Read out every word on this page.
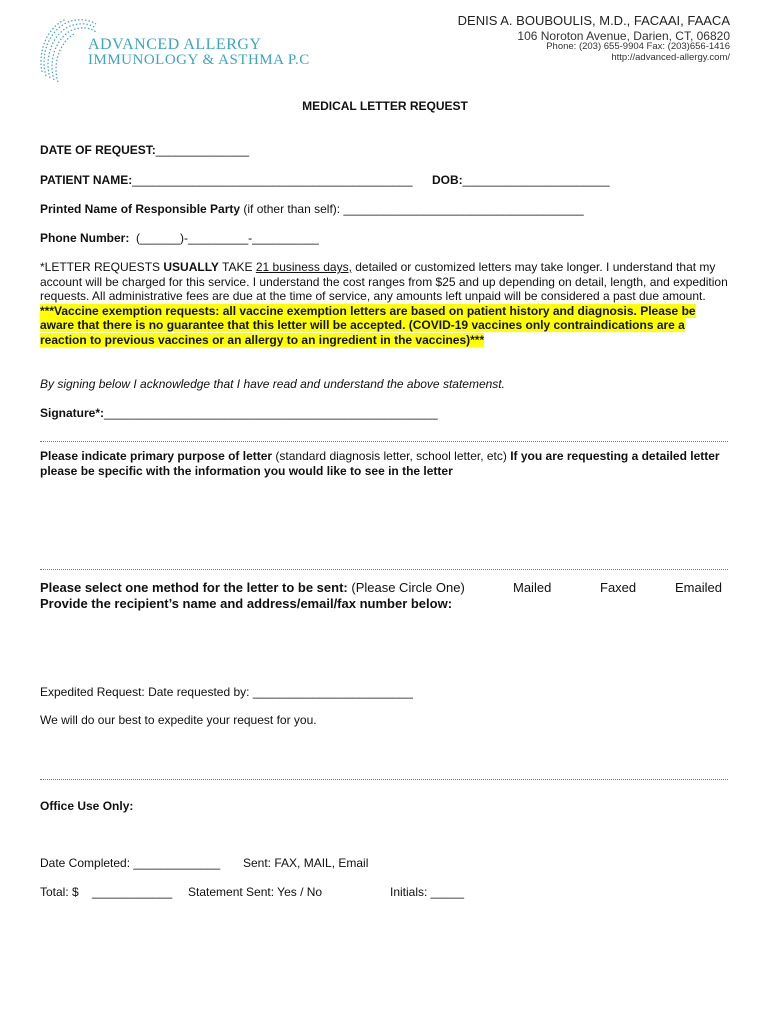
ADVANCED ALLERGY
IMMUNOLOGY & ASTHMA P.C
DENIS A. BOUBOULIS, M.D., FACAAI, FAACA
106 Noroton Avenue, Darien, CT, 06820
Phone: (203) 655-9904 Fax: (203)656-1416
http://advanced-allergy.com/
MEDICAL LETTER REQUEST
DATE OF REQUEST:______________
PATIENT NAME:__________________________________________ DOB:______________________
Printed Name of Responsible Party (if other than self): ____________________________________
Phone Number: (______)-_________-__________
*LETTER REQUESTS USUALLY TAKE 21 business days, detailed or customized letters may take longer. I understand that my account will be charged for this service. I understand the cost ranges from $25 and up depending on detail, length, and expedition requests. All administrative fees are due at the time of service, any amounts left unpaid will be considered a past due amount. ***Vaccine exemption requests: all vaccine exemption letters are based on patient history and diagnosis. Please be aware that there is no guarantee that this letter will be accepted. (COVID-19 vaccines only contraindications are a reaction to previous vaccines or an allergy to an ingredient in the vaccines)***
By signing below I acknowledge that I have read and understand the above statemenst.
Signature*:__________________________________________________
Please indicate primary purpose of letter (standard diagnosis letter, school letter, etc) If you are requesting a detailed letter please be specific with the information you would like to see in the letter
Please select one method for the letter to be sent: (Please Circle One)	Mailed	Faxed	Emailed
Provide the recipient’s name and address/email/fax number below:
Expedited Request: Date requested by: ________________________
We will do our best to expedite your request for you.
Office Use Only:
Date Completed: _____________ Sent: FAX, MAIL, Email
Total: $ ____________ Statement Sent: Yes / No	Initials: _____
